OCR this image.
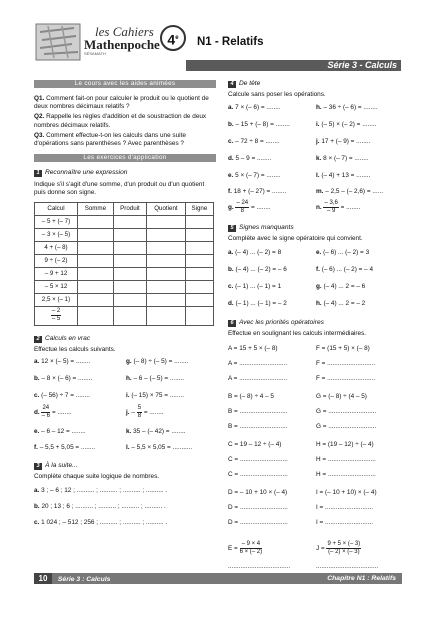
les Cahiers
Mathenpoche
SÉSAMATH
4e	N1 - Relatifs
Série 3 - Calculs
Le cours avec les aides animées
Q1. Comment fait-on pour calculer le produit ou le quotient de deux nombres décimaux relatifs ?
Q2. Rappelle les règles d'addition et de soustraction de deux nombres décimaux relatifs.
Q3. Comment effectue-t-on les calculs dans une suite d'opérations sans parenthèses ? Avec parenthèses ?
Les exercices d'application
1 Reconnaître une expression
Indique s'il s'agit d'une somme, d'un produit ou d'un quotient puis donne son signe.
Calcul	Somme	Produit	Quotient	Signe
– 5 + (– 7)				
– 3 × (– 5)				
4 + (– 8)				
9 ÷ (– 2)				
– 9 + 12				
– 5 × 12				
2,5 × (– 1)				

$\frac{- 2}{- 5}$

2 Calculs en vrac
Effectue les calculs suivants.
a. 12 × (– 5) = ........	g. (– 8) ÷ (– 5) = ........
b. – 8 × (– 6) = ........	h. – 6 – (– 5) = ........
c. (– 56) ÷ 7 = ........	i. (– 15) × 75 = ........
d. $\frac{24}{- 6}$ = ........	j. – $\frac{5}{8}$ = ........
e. – 6 – 12 = ........	k. 35 – (– 42) = ........
f. – 5,5 + 5,05 = ........	l. – 5,5 × 5,05 = ...........
3 À la suite...
Complète chaque suite logique de nombres.
a. 3 ; – 6 ; 12 ; .......... ; .......... ; .......... ; .......... .
b. 20 ; 13 ; 6 ; .......... ; .......... ; .......... ; .......... .
c. 1 024 ; – 512 ; 256 ; .......... ; .......... ; .......... .
4 De tête
Calcule sans poser les opérations.
a. 7 × (– 6) = ........	h. – 36 ÷ (– 6) = ........
b. – 15 + (– 8) = ........	i. (– 5) × (– 2) = ........
c. – 72 ÷ 8 = ........	j. 17 + (– 9) = ........
d. 5 – 9 = ........	k. 8 × (– 7) = ........
e. 5 × (– 7) = ........	l. (– 4) + 13 = ........
f. 18 + (– 27) = ........	m. – 2,5 – (– 2,6) = ......
g. $\frac{- 24}{8}$ = ........	n. $\frac{- 3,6}{- 9}$ = ........
5 Signes manquants
Complète avec le signe opératoire qui convient.
a. (– 4) ... (– 2) = 8	e. (– 6) ... (– 2) = 3
b. (– 4) ... (– 2) = – 6	f. (– 6) ... (– 2) = – 4
c. (– 1) ... (– 1) = 1	g. (– 4) ... 2 = – 6
d. (– 1) ... (– 1) = – 2	h. (– 4) ... 2 = – 2
6 Avec les priorités opératoires
Effectue en soulignant les calculs intermédiaires.
A = 15 + 5 × (– 8)	F = (15 + 5) × (– 8)
A = ...........................	F = ...........................
A = ...........................	F = ...........................
B = (– 8) ÷ 4 – 5	G = (– 8) ÷ (4 – 5)
B = ...........................	G = ...........................
B = ...........................	G = ...........................
C = 19 – 12 ÷ (– 4)	H = (19 – 12) ÷ (– 4)
C = ...........................	H = ...........................
C = ...........................	H = ...........................
D = – 10 + 10 × (– 4)	I = (– 10 + 10) × (– 4)
D = ...........................	I = ...........................
D = ...........................	I = ...........................
$E = \frac{- 9 \times 4}{6 \times (- 2)}$	$J = \frac{9 + 5 \times (- 3)}{(- 2) \times (- 3)}$
...................................	...................................
10 Série 3 : Calculs	Chapitre N1 : Relatifs
